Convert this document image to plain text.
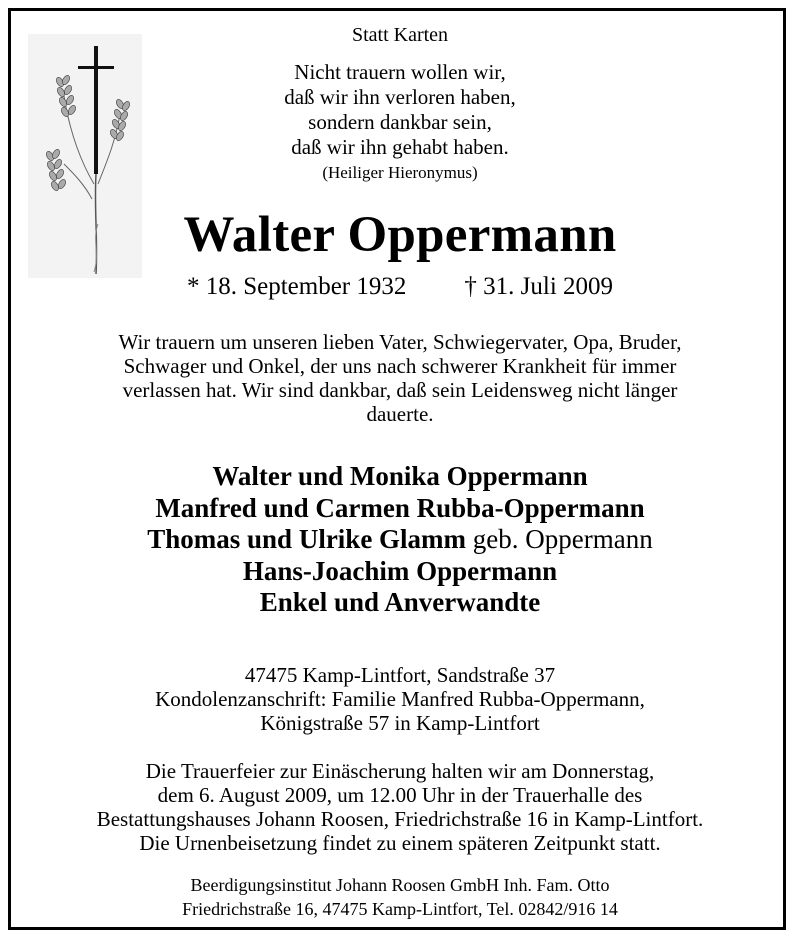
Statt Karten
Nicht trauern wollen wir,
daß wir ihn verloren haben,
sondern dankbar sein,
daß wir ihn gehabt haben.
(Heiliger Hieronymus)
Walter Oppermann
* 18. September 1932 † 31. Juli 2009
Wir trauern um unseren lieben Vater, Schwiegervater, Opa, Bruder,
Schwager und Onkel, der uns nach schwerer Krankheit für immer
verlassen hat. Wir sind dankbar, daß sein Leidensweg nicht länger
dauerte.
Walter und Monika Oppermann
Manfred und Carmen Rubba-Oppermann
Thomas und Ulrike Glamm geb. Oppermann
Hans-Joachim Oppermann
Enkel und Anverwandte
47475 Kamp-Lintfort, Sandstraße 37
Kondolenzanschrift: Familie Manfred Rubba-Oppermann,
Königstraße 57 in Kamp-Lintfort
Die Trauerfeier zur Einäscherung halten wir am Donnerstag,
dem 6. August 2009, um 12.00 Uhr in der Trauerhalle des
Bestattungshauses Johann Roosen, Friedrichstraße 16 in Kamp-Lintfort.
Die Urnenbeisetzung findet zu einem späteren Zeitpunkt statt.
Beerdigungsinstitut Johann Roosen GmbH Inh. Fam. Otto
Friedrichstraße 16, 47475 Kamp-Lintfort, Tel. 02842/916 14
